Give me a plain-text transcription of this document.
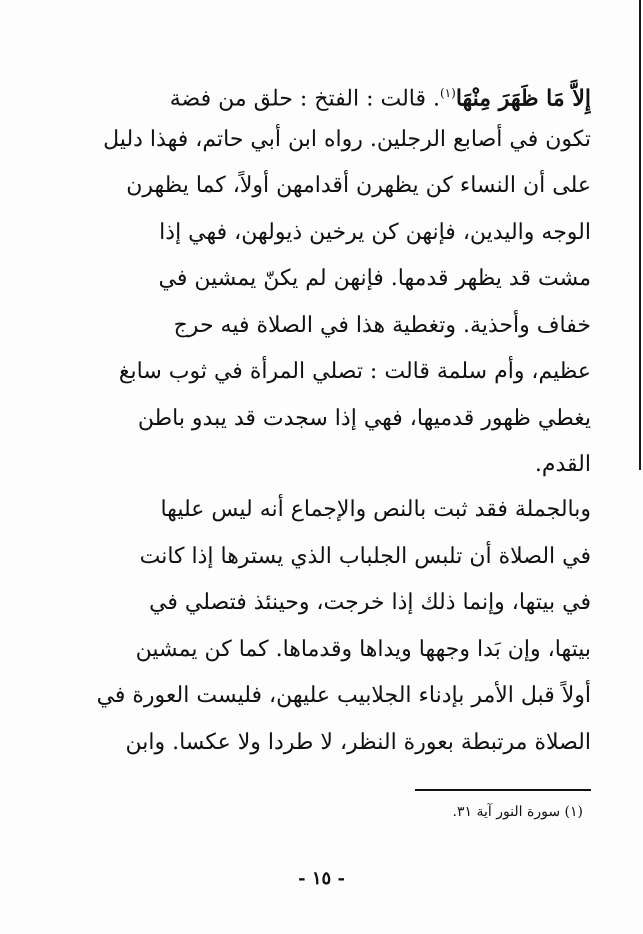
إِلاَّ مَا ظَهَرَ مِنْهَا$^{(١)}$. قالت : الفتخ : حلق من فضة
تكون في أصابع الرجلين. رواه ابن أبي حاتم، فهذا دليل
على أن النساء كن يظهرن أقدامهن أولاً، كما يظهرن
الوجه واليدين، فإنهن كن يرخين ذيولهن، فهي إذا
مشت قد يظهر قدمها. فإنهن لم يكنّ يمشين في
خفاف وأحذية. وتغطية هذا في الصلاة فيه حرج
عظيم، وأم سلمة قالت : تصلي المرأة في ثوب سابغ
يغطي ظهور قدميها، فهي إذا سجدت قد يبدو باطن
القدم.
وبالجملة فقد ثبت بالنص والإجماع أنه ليس عليها
في الصلاة أن تلبس الجلباب الذي يسترها إذا كانت
في بيتها، وإنما ذلك إذا خرجت، وحينئذ فتصلي في
بيتها، وإن بَدا وجهها ويداها وقدماها. كما كن يمشين
أولاً قبل الأمر بإدناء الجلابيب عليهن، فليست العورة في
الصلاة مرتبطة بعورة النظر، لا طردا ولا عكسا. وابن
(١) سورة النور آية ٣١.
- ١٥ -
